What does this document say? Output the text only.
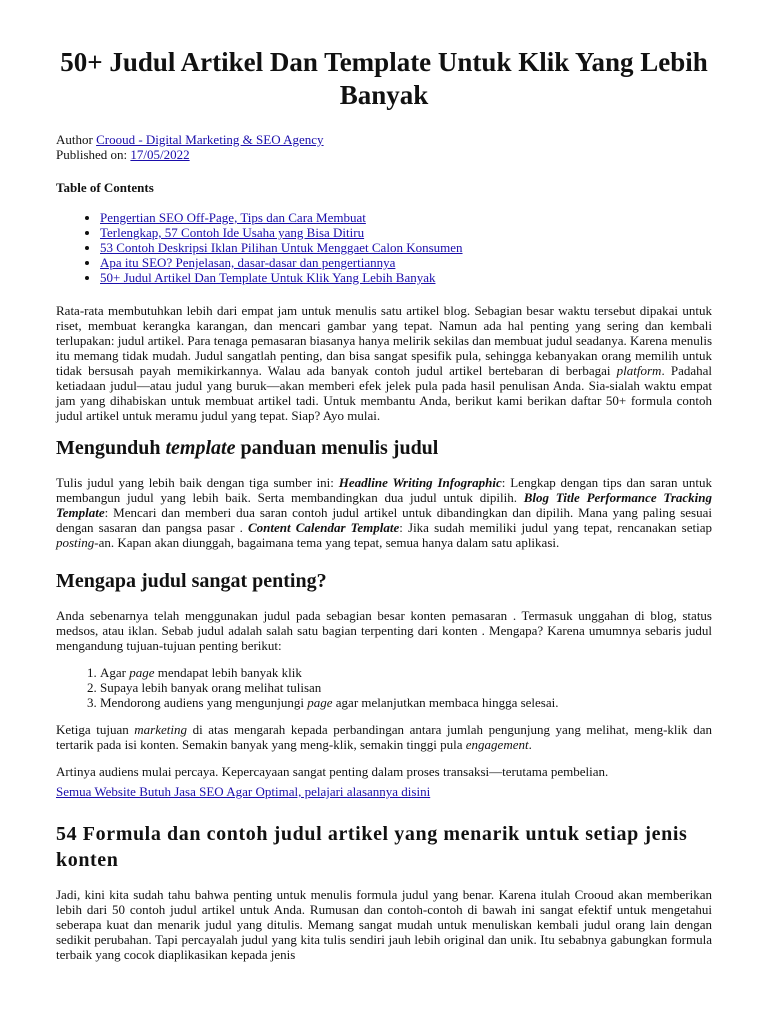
50+ Judul Artikel Dan Template Untuk Klik Yang Lebih Banyak
Author Crooud - Digital Marketing & SEO Agency
Published on: 17/05/2022
Table of Contents
• Pengertian SEO Off-Page, Tips dan Cara Membuat
• Terlengkap, 57 Contoh Ide Usaha yang Bisa Ditiru
• 53 Contoh Deskripsi Iklan Pilihan Untuk Menggaet Calon Konsumen
• Apa itu SEO? Penjelasan, dasar-dasar dan pengertiannya
• 50+ Judul Artikel Dan Template Untuk Klik Yang Lebih Banyak

Rata-rata membutuhkan lebih dari empat jam untuk menulis satu artikel blog. Sebagian besar waktu tersebut dipakai untuk riset, membuat kerangka karangan, dan mencari gambar yang tepat. Namun ada hal penting yang sering dan kembali terlupakan: judul artikel. Para tenaga pemasaran biasanya hanya melirik sekilas dan membuat judul seadanya. Karena menulis itu memang tidak mudah. Judul sangatlah penting, dan bisa sangat spesifik pula, sehingga kebanyakan orang memilih untuk tidak bersusah payah memikirkannya. Walau ada banyak contoh judul artikel bertebaran di berbagai platform. Padahal ketiadaan judul—atau judul yang buruk—akan memberi efek jelek pula pada hasil penulisan Anda. Sia-sialah waktu empat jam yang dihabiskan untuk membuat artikel tadi. Untuk membantu Anda, berikut kami berikan daftar 50+ formula contoh judul artikel untuk meramu judul yang tepat. Siap? Ayo mulai.

Mengunduh template panduan menulis judul

Tulis judul yang lebih baik dengan tiga sumber ini: Headline Writing Infographic: Lengkap dengan tips dan saran untuk membangun judul yang lebih baik. Serta membandingkan dua judul untuk dipilih. Blog Title Performance Tracking Template: Mencari dan memberi dua saran contoh judul artikel untuk dibandingkan dan dipilih. Mana yang paling sesuai dengan sasaran dan pangsa pasar . Content Calendar Template: Jika sudah memiliki judul yang tepat, rencanakan setiap posting-an. Kapan akan diunggah, bagaimana tema yang tepat, semua hanya dalam satu aplikasi.

Mengapa judul sangat penting?

Anda sebenarnya telah menggunakan judul pada sebagian besar konten pemasaran . Termasuk unggahan di blog, status medsos, atau iklan. Sebab judul adalah salah satu bagian terpenting dari konten . Mengapa? Karena umumnya sebaris judul mengandung tujuan-tujuan penting berikut:

1. Agar page mendapat lebih banyak klik
2. Supaya lebih banyak orang melihat tulisan
3. Mendorong audiens yang mengunjungi page agar melanjutkan membaca hingga selesai.

Ketiga tujuan marketing di atas mengarah kepada perbandingan antara jumlah pengunjung yang melihat, meng-klik dan tertarik pada isi konten. Semakin banyak yang meng-klik, semakin tinggi pula engagement.

Artinya audiens mulai percaya. Kepercayaan sangat penting dalam proses transaksi—terutama pembelian.

Semua Website Butuh Jasa SEO Agar Optimal, pelajari alasannya disini
54 Formula dan contoh judul artikel yang menarik untuk setiap jenis konten

Jadi, kini kita sudah tahu bahwa penting untuk menulis formula judul yang benar. Karena itulah Crooud akan memberikan lebih dari 50 contoh judul artikel untuk Anda. Rumusan dan contoh-contoh di bawah ini sangat efektif untuk mengetahui seberapa kuat dan menarik judul yang ditulis. Memang sangat mudah untuk menuliskan kembali judul orang lain dengan sedikit perubahan. Tapi percayalah judul yang kita tulis sendiri jauh lebih original dan unik. Itu sebabnya gabungkan formula terbaik yang cocok diaplikasikan kepada jenis
